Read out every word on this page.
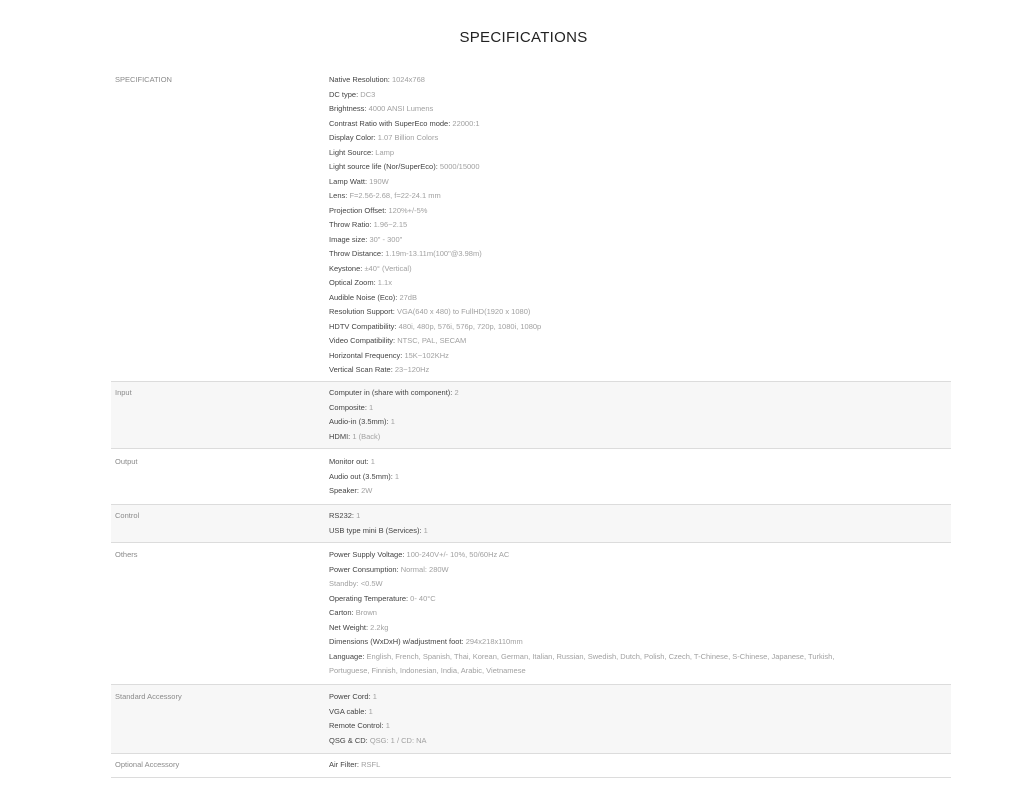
SPECIFICATIONS
SPECIFICATION	Native Resolution: 1024x768
DC type: DC3
Brightness: 4000 ANSI Lumens
Contrast Ratio with SuperEco mode: 22000:1
Display Color: 1.07 Billion Colors
Light Source: Lamp
Light source life (Nor/SuperEco): 5000/15000
Lamp Watt: 190W
Lens: F=2.56-2.68, f=22-24.1 mm
Projection Offset: 120%+/-5%
Throw Ratio: 1.96~2.15
Image size: 30" - 300"
Throw Distance: 1.19m-13.11m(100"@3.98m)
Keystone: ±40° (Vertical)
Optical Zoom: 1.1x
Audible Noise (Eco): 27dB
Resolution Support: VGA(640 x 480) to FullHD(1920 x 1080)
HDTV Compatibility: 480i, 480p, 576i, 576p, 720p, 1080i, 1080p
Video Compatibility: NTSC, PAL, SECAM
Horizontal Frequency: 15K~102KHz
Vertical Scan Rate: 23~120Hz
Input	Computer in (share with component): 2
Composite: 1
Audio-in (3.5mm): 1
HDMI: 1 (Back)
Output	Monitor out: 1
Audio out (3.5mm): 1
Speaker: 2W
Control	RS232: 1
USB type mini B (Services): 1
Others	Power Supply Voltage: 100-240V+/- 10%, 50/60Hz AC
Power Consumption: Normal: 280W
Standby: <0.5W
Operating Temperature: 0- 40°C
Carton: Brown
Net Weight: 2.2kg
Dimensions (WxDxH) w/adjustment foot: 294x218x110mm
Language: English, French, Spanish, Thai, Korean, German, Italian, Russian, Swedish, Dutch, Polish, Czech, T-Chinese, S-Chinese, Japanese, Turkish, Portuguese, Finnish, Indonesian, India, Arabic, Vietnamese
Standard Accessory	Power Cord: 1
VGA cable: 1
Remote Control: 1
QSG & CD: QSG: 1 / CD: NA
Optional Accessory	Air Filter: RSFL
